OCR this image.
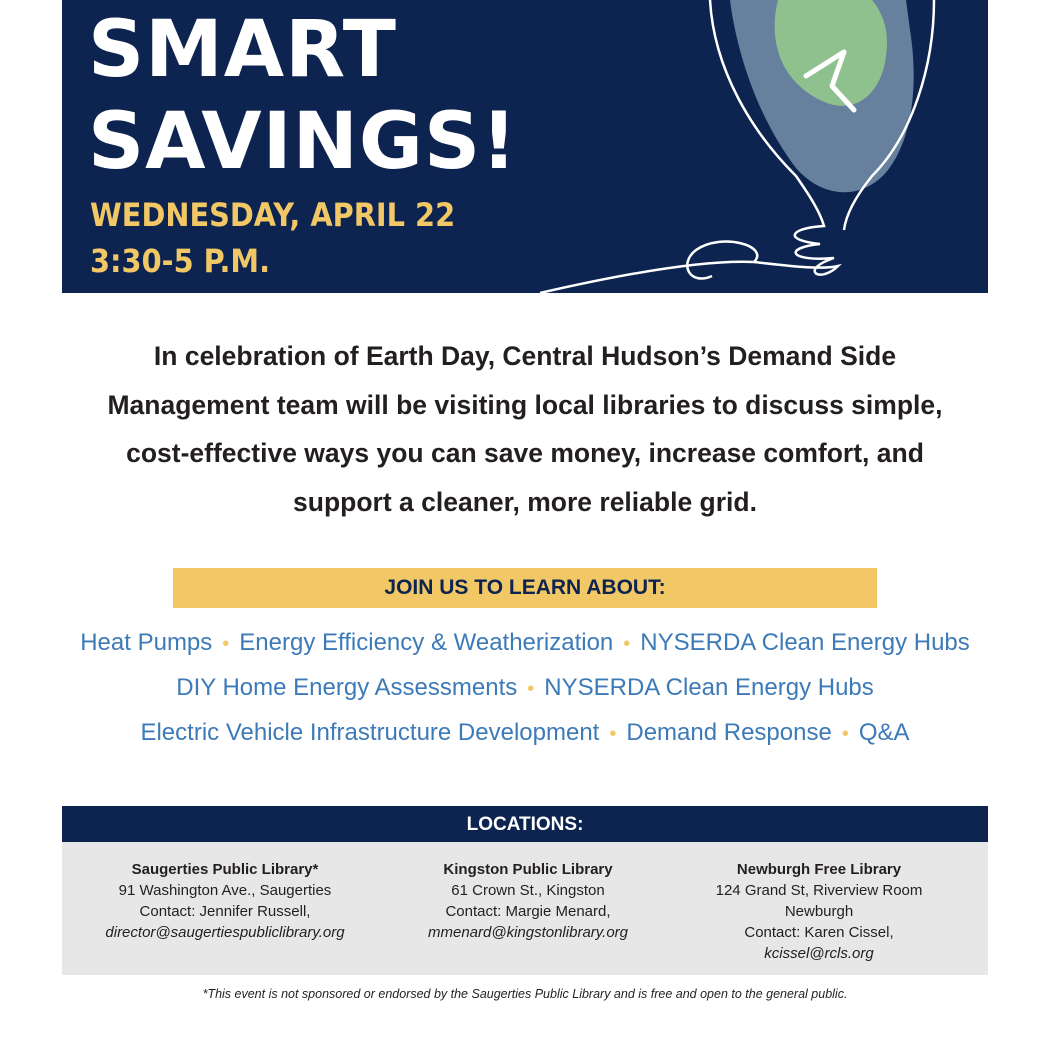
SMART
SAVINGS!

WEDNESDAY, APRIL 22
3:30-5 P.M.

In celebration of Earth Day, Central Hudson’s Demand Side Management team will be visiting local libraries to discuss simple, cost-effective ways you can save money, increase comfort, and support a cleaner, more reliable grid.

JOIN US TO LEARN ABOUT:
Heat Pumps • Energy Efficiency & Weatherization • NYSERDA Clean Energy Hubs
DIY Home Energy Assessments • NYSERDA Clean Energy Hubs
Electric Vehicle Infrastructure Development • Demand Response • Q&A
LOCATIONS:
Saugerties Public Library*
91 Washington Ave., Saugerties
Contact: Jennifer Russell,
director@saugertiespubliclibrary.org
Kingston Public Library
61 Crown St., Kingston
Contact: Margie Menard,
mmenard@kingstonlibrary.org
Newburgh Free Library
124 Grand St, Riverview Room
Newburgh
Contact: Karen Cissel,
kcissel@rcls.org
*This event is not sponsored or endorsed by the Saugerties Public Library and is free and open to the general public.
